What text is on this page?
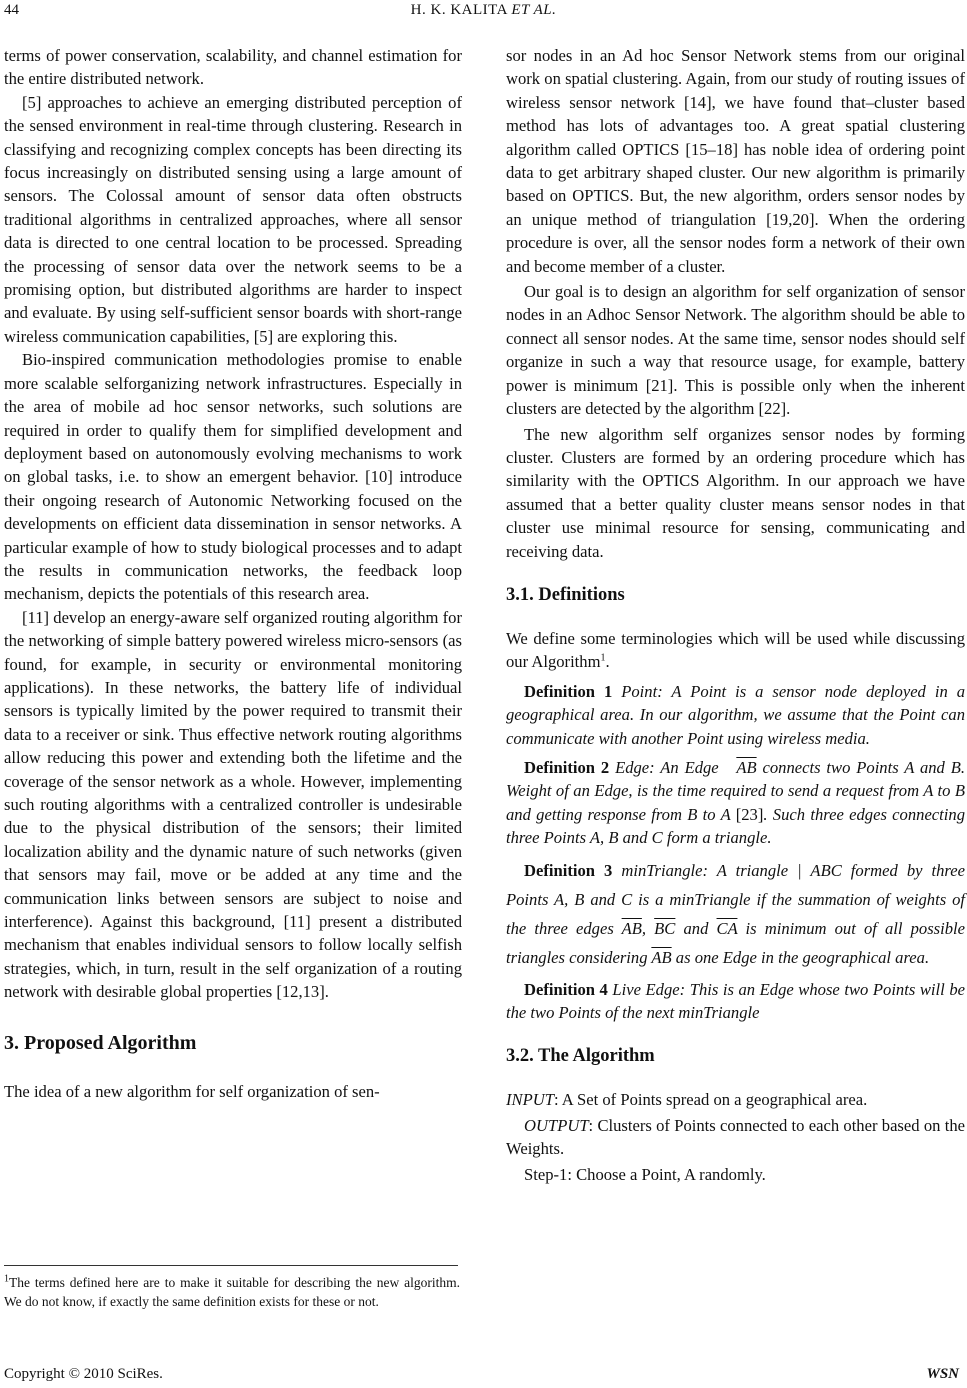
44	H. K. KALITA ET AL.

terms of power conservation, scalability, and channel estimation for the entire distributed network.

[5] approaches to achieve an emerging distributed perception of the sensed environment in real-time through clustering. Research in classifying and recognizing complex concepts has been directing its focus increasingly on distributed sensing using a large amount of sensors. The Colossal amount of sensor data often obstructs traditional algorithms in centralized approaches, where all sensor data is directed to one central location to be processed. Spreading the processing of sensor data over the network seems to be a promising option, but distributed algorithms are harder to inspect and evaluate. By using self-sufficient sensor boards with short-range wireless communication capabilities, [5] are exploring this.

Bio-inspired communication methodologies promise to enable more scalable selforganizing network infrastructures. Especially in the area of mobile ad hoc sensor networks, such solutions are required in order to qualify them for simplified development and deployment based on autonomously evolving mechanisms to work on global tasks, i.e. to show an emergent behavior. [10] introduce their ongoing research of Autonomic Networking focused on the developments on efficient data dissemination in sensor networks. A particular example of how to study biological processes and to adapt the results in communication networks, the feedback loop mechanism, depicts the potentials of this research area.

[11] develop an energy-aware self organized routing algorithm for the networking of simple battery powered wireless micro-sensors (as found, for example, in security or environmental monitoring applications). In these networks, the battery life of individual sensors is typically limited by the power required to transmit their data to a receiver or sink. Thus effective network routing algorithms allow reducing this power and extending both the lifetime and the coverage of the sensor network as a whole. However, implementing such routing algorithms with a centralized controller is undesirable due to the physical distribution of the sensors; their limited localization ability and the dynamic nature of such networks (given that sensors may fail, move or be added at any time and the communication links between sensors are subject to noise and interference). Against this background, [11] present a distributed mechanism that enables individual sensors to follow locally selfish strategies, which, in turn, result in the self organization of a routing network with desirable global properties [12,13].

3. Proposed Algorithm

The idea of a new algorithm for self organization of sen-

$^1$The terms defined here are to make it suitable for describing the new algorithm. We do not know, if exactly the same definition exists for these or not.

sor nodes in an Ad hoc Sensor Network stems from our original work on spatial clustering. Again, from our study of routing issues of wireless sensor network [14], we have found that–cluster based method has lots of advantages too. A great spatial clustering algorithm called OPTICS [15–18] has noble idea of ordering point data to get arbitrary shaped cluster. Our new algorithm is primarily based on OPTICS. But, the new algorithm, orders sensor nodes by an unique method of triangulation [19,20]. When the ordering procedure is over, all the sensor nodes form a network of their own and become member of a cluster.

Our goal is to design an algorithm for self organization of sensor nodes in an Adhoc Sensor Network. The algorithm should be able to connect all sensor nodes. At the same time, sensor nodes should self organize in such a way that resource usage, for example, battery power is minimum [21]. This is possible only when the inherent clusters are detected by the algorithm [22].

The new algorithm self organizes sensor nodes by forming cluster. Clusters are formed by an ordering procedure which has similarity with the OPTICS Algorithm. In our approach we have assumed that a better quality cluster means sensor nodes in that cluster use minimal resource for sensing, communicating and receiving data.

3.1. Definitions

We define some terminologies which will be used while discussing our Algorithm$^1$.

Definition 1 Point: A Point is a sensor node deployed in a geographical area. In our algorithm, we assume that the Point can communicate with another Point using wireless media.

Definition 2 Edge: An Edge $\overline{AB}$ connects two Points A and B. Weight of an Edge, is the time required to send a request from A to B and getting response from B to A [23]. Such three edges connecting three Points A, B and C form a triangle.

Definition 3 minTriangle: A triangle | ABC formed by three Points A, B and C is a minTriangle if the summation of weights of the three edges $\overline{AB}$, $\overline{BC}$ and $\overline{CA}$ is minimum out of all possible triangles considering $\overline{AB}$ as one Edge in the geographical area.

Definition 4 Live Edge: This is an Edge whose two Points will be the two Points of the next minTriangle

3.2. The Algorithm

INPUT: A Set of Points spread on a geographical area.

OUTPUT: Clusters of Points connected to each other based on the Weights.

Step-1: Choose a Point, A randomly.

Copyright © 2010 SciRes.	WSN
